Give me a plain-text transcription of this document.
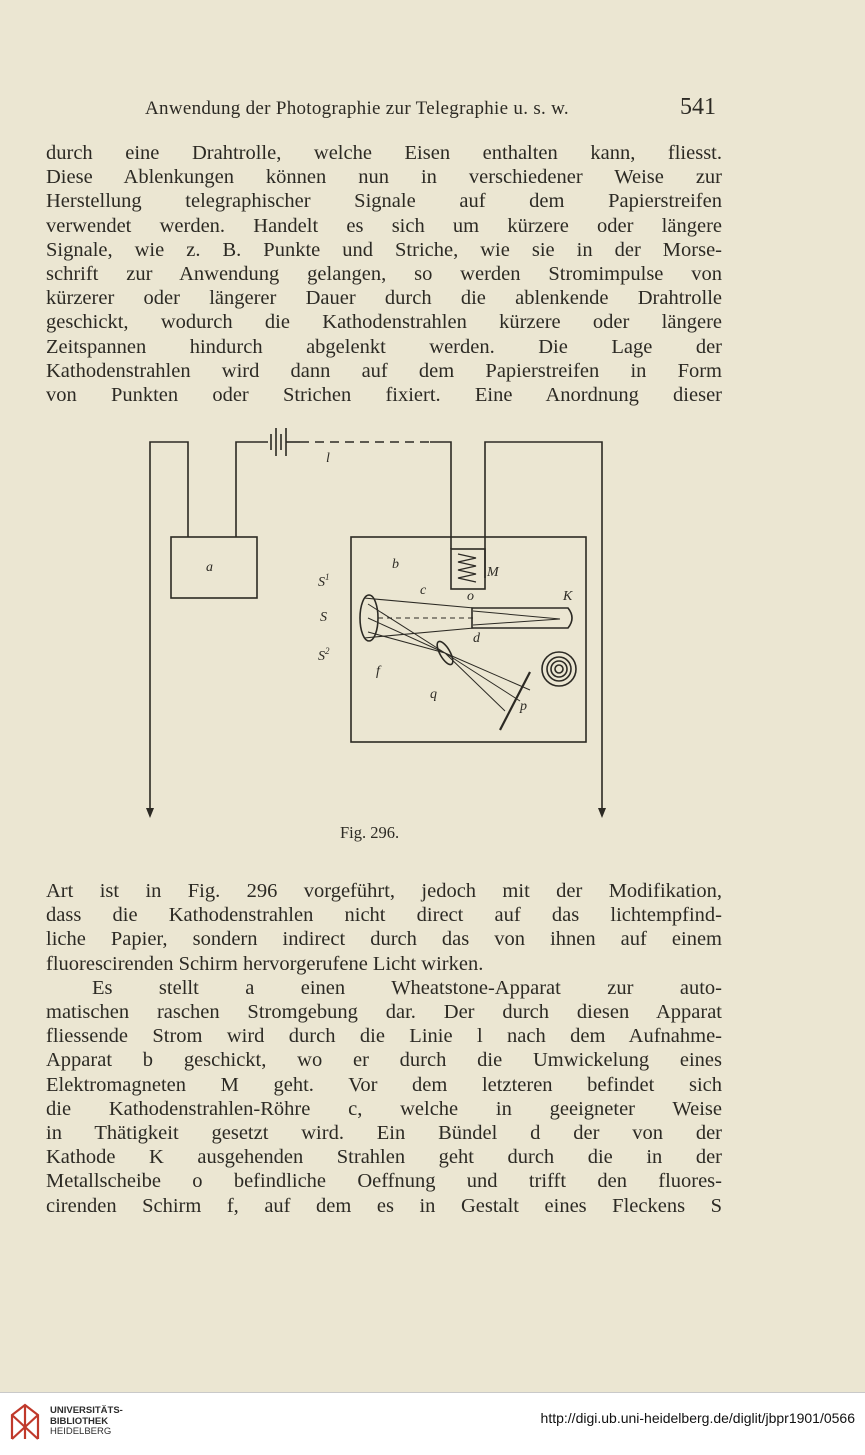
Anwendung der Photographie zur Telegraphie u. s. w.	541
durch eine Drahtrolle, welche Eisen enthalten kann, fliesst.
Diese Ablenkungen können nun in verschiedener Weise zur
Herstellung telegraphischer Signale auf dem Papierstreifen
verwendet werden. Handelt es sich um kürzere oder längere
Signale, wie z. B. Punkte und Striche, wie sie in der Morse-
schrift zur Anwendung gelangen, so werden Stromimpulse von
kürzerer oder längerer Dauer durch die ablenkende Drahtrolle
geschickt, wodurch die Kathodenstrahlen kürzere oder längere
Zeitspannen hindurch abgelenkt werden. Die Lage der
Kathodenstrahlen wird dann auf dem Papierstreifen in Form
von Punkten oder Strichen fixiert. Eine Anordnung dieser
a
l
b
M
c	o	K
$S^1$
S
$S^2$
d
f
q
p
Fig. 296.
Art ist in Fig. 296 vorgeführt, jedoch mit der Modifikation,
dass die Kathodenstrahlen nicht direct auf das lichtempfind-
liche Papier, sondern indirect durch das von ihnen auf einem
fluorescirenden Schirm hervorgerufene Licht wirken.
Es stellt a einen Wheatstone-Apparat zur auto-
matischen raschen Stromgebung dar. Der durch diesen Apparat
fliessende Strom wird durch die Linie l nach dem Aufnahme-
Apparat b geschickt, wo er durch die Umwickelung eines
Elektromagneten M geht. Vor dem letzteren befindet sich
die Kathodenstrahlen-Röhre c, welche in geeigneter Weise
in Thätigkeit gesetzt wird. Ein Bündel d der von der
Kathode K ausgehenden Strahlen geht durch die in der
Metallscheibe o befindliche Oeffnung und trifft den fluores-
cirenden Schirm f, auf dem es in Gestalt eines Fleckens S
UNIVERSITÄTS-
BIBLIOTHEK
HEIDELBERG
http://digi.ub.uni-heidelberg.de/diglit/jbpr1901/0566
